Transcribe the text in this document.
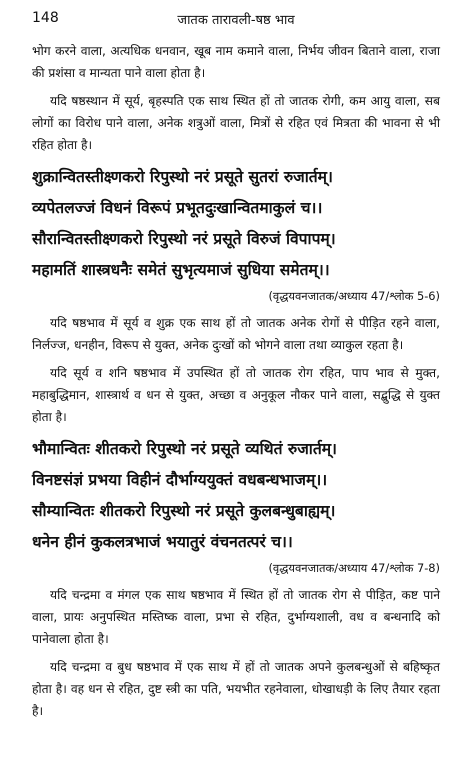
148	जातक तारावली-षष्ठ भाव

भोग करने वाला, अत्यधिक धनवान, खूब नाम कमाने वाला, निर्भय जीवन बिताने वाला, राजा की प्रशंसा व मान्यता पाने वाला होता है।

यदि षष्ठस्थान में सूर्य, बृहस्पति एक साथ स्थित हों तो जातक रोगी, कम आयु वाला, सब लोगों का विरोध पाने वाला, अनेक शत्रुओं वाला, मित्रों से रहित एवं मित्रता की भावना से भी रहित होता है।

शुक्रान्वितस्तीक्ष्णकरो रिपुस्थो नरं प्रसूते सुतरां रुजार्तम्।

व्यपेतलज्जं विधनं विरूपं प्रभूतदुःखान्वितमाकुलं च।।

सौरान्वितस्तीक्ष्णकरो रिपुस्थो नरं प्रसूते विरुजं विपापम्।

महामतिं शास्त्रधनैः समेतं सुभृत्यमाजं सुधिया समेतम्।।

(वृद्धयवनजातक/अध्याय 47/श्लोक 5-6)

यदि षष्ठभाव में सूर्य व शुक्र एक साथ हों तो जातक अनेक रोगों से पीड़ित रहने वाला, निर्लज्ज, धनहीन, विरूप से युक्त, अनेक दुःखों को भोगने वाला तथा व्याकुल रहता है।

यदि सूर्य व शनि षष्ठभाव में उपस्थित हों तो जातक रोग रहित, पाप भाव से मुक्त, महाबुद्धिमान, शास्त्रार्थ व धन से युक्त, अच्छा व अनुकूल नौकर पाने वाला, सद्बुद्धि से युक्त होता है।

भौमान्वितः शीतकरो रिपुस्थो नरं प्रसूते व्यथितं रुजार्तम्।

विनष्टसंज्ञं प्रभया विहीनं दौर्भाग्ययुक्तं वधबन्धभाजम्।।

सौम्यान्वितः शीतकरो रिपुस्थो नरं प्रसूते कुलबन्धुबाह्यम्।

धनेन हीनं कुकलत्रभाजं भयातुरं वंचनतत्परं च।।

(वृद्धयवनजातक/अध्याय 47/श्लोक 7-8)

यदि चन्द्रमा व मंगल एक साथ षष्ठभाव में स्थित हों तो जातक रोग से पीड़ित, कष्ट पाने वाला, प्रायः अनुपस्थित मस्तिष्क वाला, प्रभा से रहित, दुर्भाग्यशाली, वध व बन्धनादि को पानेवाला होता है।

यदि चन्द्रमा व बुध षष्ठभाव में एक साथ में हों तो जातक अपने कुलबन्धुओं से बहिष्कृत होता है। वह धन से रहित, दुष्ट स्त्री का पति, भयभीत रहनेवाला, धोखाधड़ी के लिए तैयार रहता है।
